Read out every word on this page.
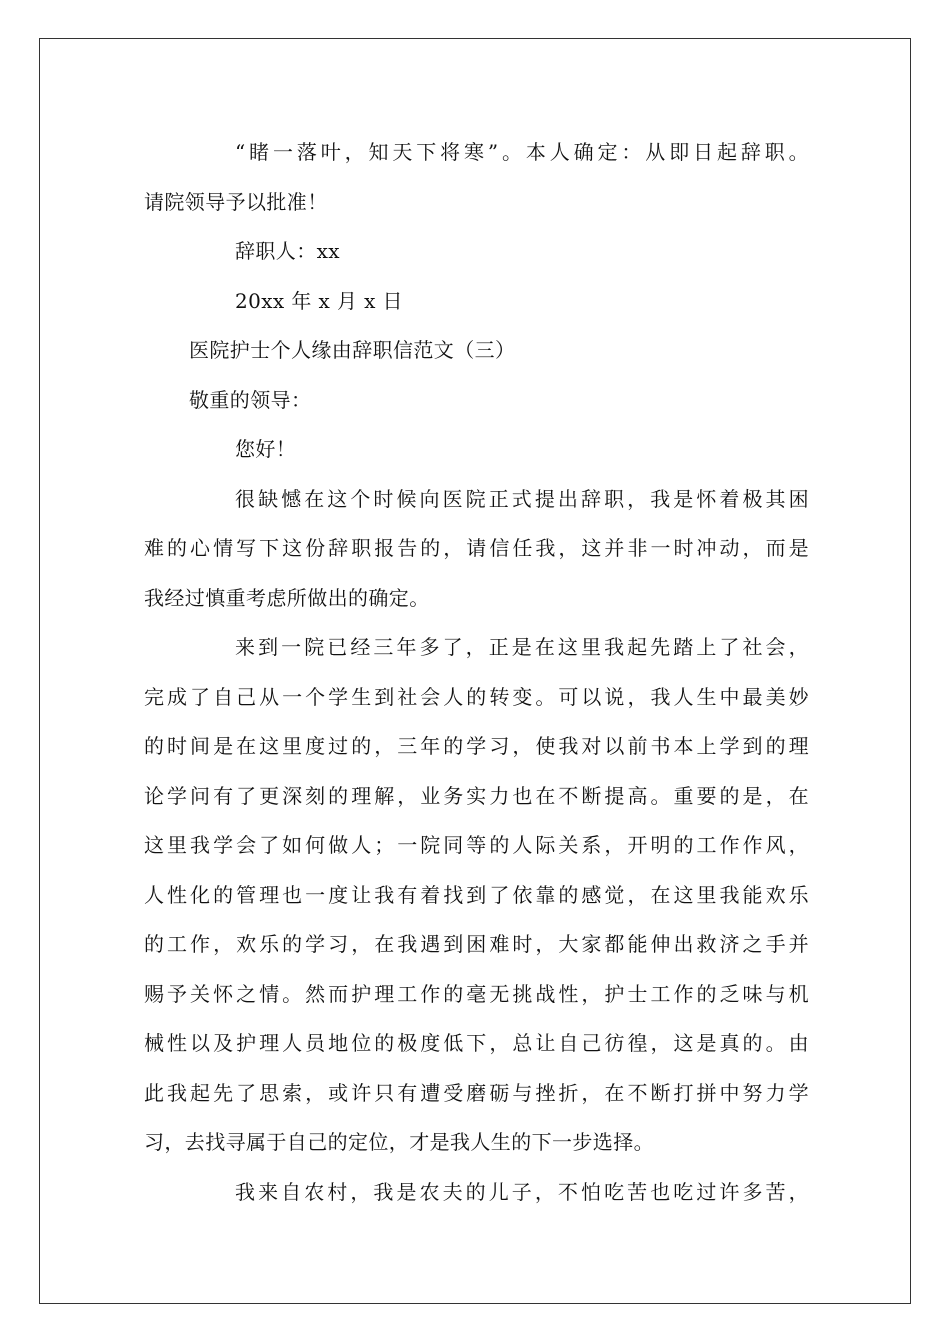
“睹一落叶，知天下将寒”。本人确定：从即日起辞职。
请院领导予以批准！
辞职人：xx
20xx 年 x 月 x 日
医院护士个人缘由辞职信范文（三）
敬重的领导：
您好！
很缺憾在这个时候向医院正式提出辞职，我是怀着极其困
难的心情写下这份辞职报告的，请信任我，这并非一时冲动，而是
我经过慎重考虑所做出的确定。
来到一院已经三年多了，正是在这里我起先踏上了社会，
完成了自己从一个学生到社会人的转变。可以说，我人生中最美妙
的时间是在这里度过的，三年的学习，使我对以前书本上学到的理
论学问有了更深刻的理解，业务实力也在不断提高。重要的是，在
这里我学会了如何做人；一院同等的人际关系，开明的工作作风，
人性化的管理也一度让我有着找到了依靠的感觉，在这里我能欢乐
的工作，欢乐的学习，在我遇到困难时，大家都能伸出救济之手并
赐予关怀之情。然而护理工作的毫无挑战性，护士工作的乏味与机
械性以及护理人员地位的极度低下，总让自己彷徨，这是真的。由
此我起先了思索，或许只有遭受磨砺与挫折，在不断打拼中努力学
习，去找寻属于自己的定位，才是我人生的下一步选择。
我来自农村，我是农夫的儿子，不怕吃苦也吃过许多苦，
